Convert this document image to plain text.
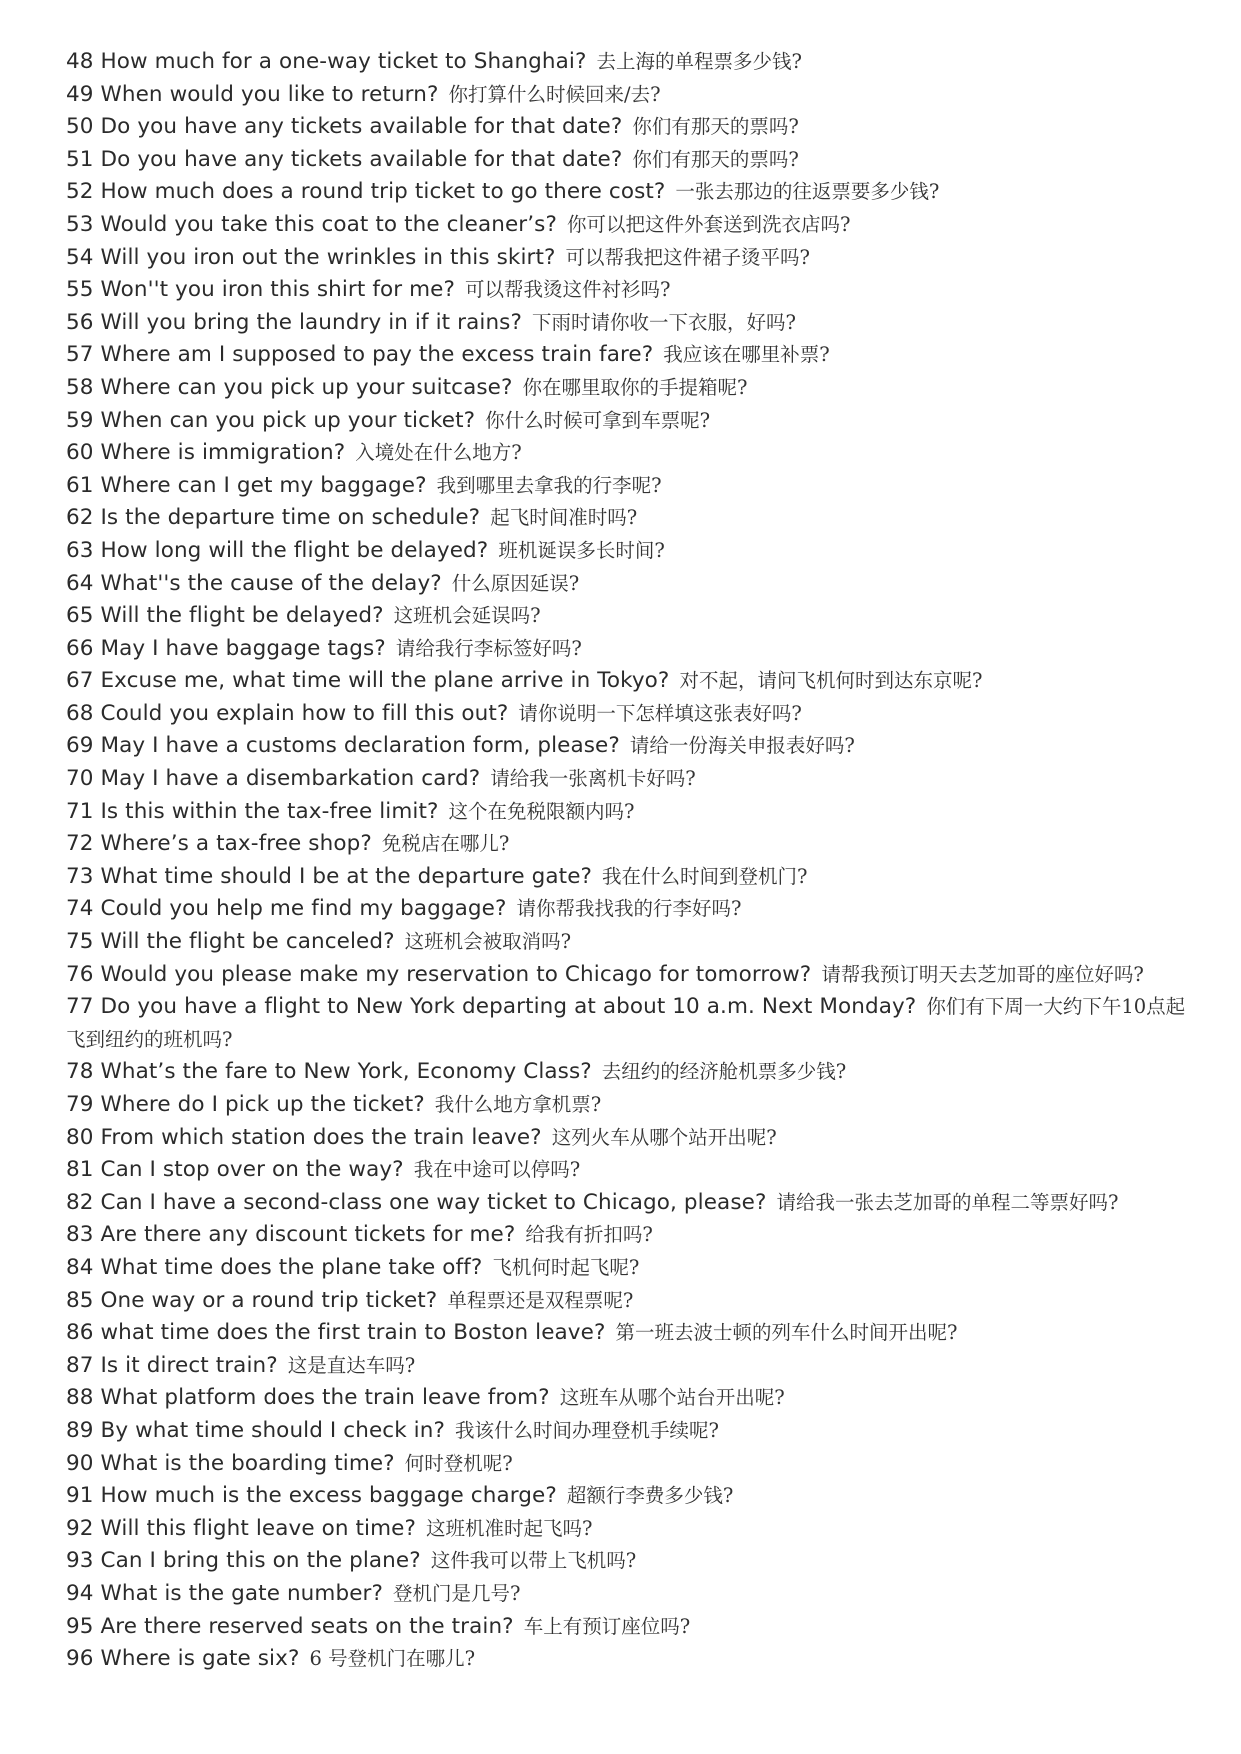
48 How much for a one-way ticket to Shanghai? 去上海的单程票多少钱?
49 When would you like to return? 你打算什么时候回来/去?
50 Do you have any tickets available for that date? 你们有那天的票吗?
51 Do you have any tickets available for that date? 你们有那天的票吗?
52 How much does a round trip ticket to go there cost? 一张去那边的往返票要多少钱?
53 Would you take this coat to the cleaner’s? 你可以把这件外套送到洗衣店吗?
54 Will you iron out the wrinkles in this skirt? 可以帮我把这件裙子烫平吗?
55 Won''t you iron this shirt for me? 可以帮我烫这件衬衫吗?
56 Will you bring the laundry in if it rains? 下雨时请你收一下衣服，好吗?
57 Where am I supposed to pay the excess train fare? 我应该在哪里补票?
58 Where can you pick up your suitcase? 你在哪里取你的手提箱呢?
59 When can you pick up your ticket? 你什么时候可拿到车票呢?
60 Where is immigration? 入境处在什么地方?
61 Where can I get my baggage? 我到哪里去拿我的行李呢?
62 Is the departure time on schedule? 起飞时间准时吗?
63 How long will the flight be delayed? 班机诞误多长时间?
64 What''s the cause of the delay? 什么原因延误?
65 Will the flight be delayed? 这班机会延误吗?
66 May I have baggage tags? 请给我行李标签好吗?
67 Excuse me, what time will the plane arrive in Tokyo? 对不起，请问飞机何时到达东京呢?
68 Could you explain how to fill this out? 请你说明一下怎样填这张表好吗?
69 May I have a customs declaration form, please? 请给一份海关申报表好吗?
70 May I have a disembarkation card? 请给我一张离机卡好吗?
71 Is this within the tax-free limit? 这个在免税限额内吗?
72 Where’s a tax-free shop? 免税店在哪儿?
73 What time should I be at the departure gate? 我在什么时间到登机门?
74 Could you help me find my baggage? 请你帮我找我的行李好吗?
75 Will the flight be canceled? 这班机会被取消吗?
76 Would you please make my reservation to Chicago for tomorrow? 请帮我预订明天去芝加哥的座位好吗?
77 Do you have a flight to New York departing at about 10 a.m. Next Monday? 你们有下周一大约下午10点起飞到纽约的班机吗?
78 What’s the fare to New York, Economy Class? 去纽约的经济舱机票多少钱?
79 Where do I pick up the ticket? 我什么地方拿机票?
80 From which station does the train leave? 这列火车从哪个站开出呢?
81 Can I stop over on the way? 我在中途可以停吗?
82 Can I have a second-class one way ticket to Chicago, please? 请给我一张去芝加哥的单程二等票好吗?
83 Are there any discount tickets for me? 给我有折扣吗?
84 What time does the plane take off? 飞机何时起飞呢?
85 One way or a round trip ticket? 单程票还是双程票呢?
86 what time does the first train to Boston leave? 第一班去波士顿的列车什么时间开出呢?
87 Is it direct train? 这是直达车吗?
88 What platform does the train leave from? 这班车从哪个站台开出呢?
89 By what time should I check in? 我该什么时间办理登机手续呢?
90 What is the boarding time? 何时登机呢?
91 How much is the excess baggage charge? 超额行李费多少钱?
92 Will this flight leave on time? 这班机准时起飞吗?
93 Can I bring this on the plane? 这件我可以带上飞机吗?
94 What is the gate number? 登机门是几号?
95 Are there reserved seats on the train? 车上有预订座位吗?
96 Where is gate six? 6 号登机门在哪儿?
